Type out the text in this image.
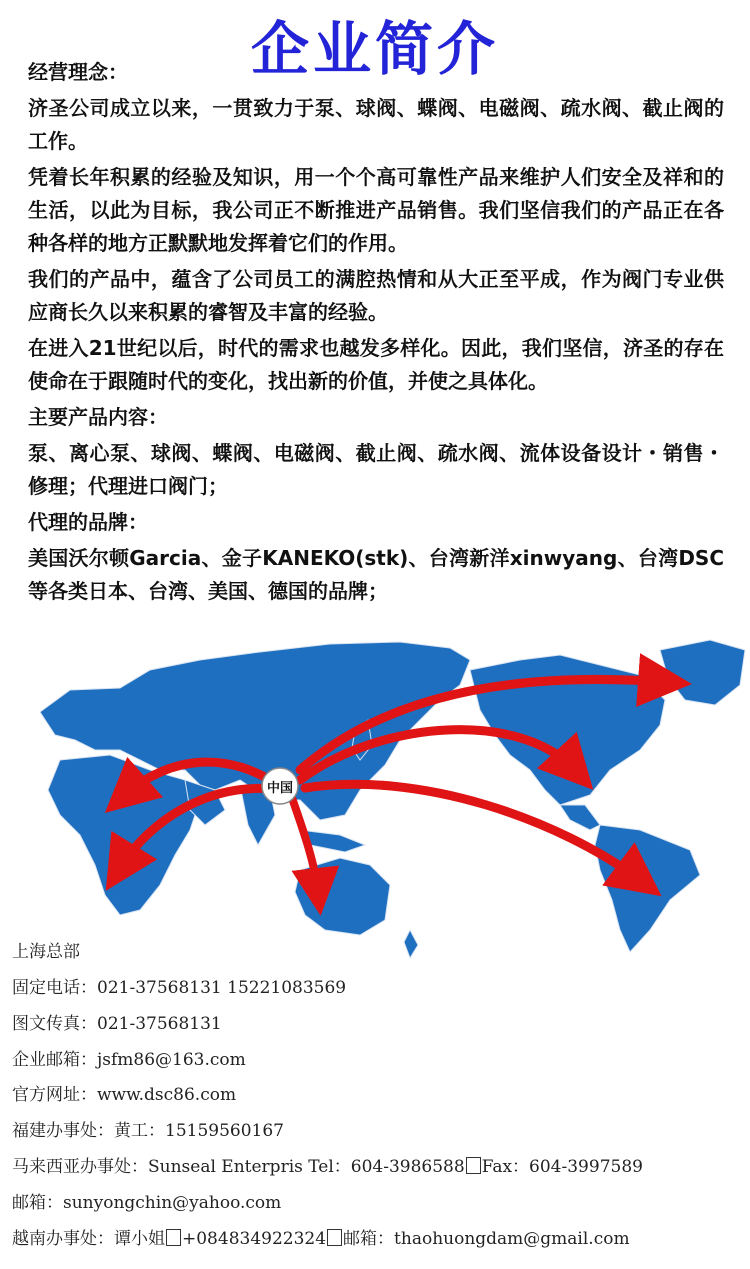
企业简介

经营理念：

济圣公司成立以来，一贯致力于泵、球阀、蝶阀、电磁阀、疏水阀、截止阀的工作。

凭着长年积累的经验及知识，用一个个高可靠性产品来维护人们安全及祥和的生活，以此为目标，我公司正不断推进产品销售。我们坚信我们的产品正在各种各样的地方正默默地发挥着它们的作用。

我们的产品中，蕴含了公司员工的满腔热情和从大正至平成，作为阀门专业供应商长久以来积累的睿智及丰富的经验。

在进入21世纪以后，时代的需求也越发多样化。因此，我们坚信，济圣的存在使命在于跟随时代的变化，找出新的价值，并使之具体化。

主要产品内容：

泵、离心泵、球阀、蝶阀、电磁阀、截止阀、疏水阀、流体设备设计・销售・修理；代理进口阀门；

代理的品牌：

美国沃尔顿Garcia、金子KANEKO(stk)、台湾新洋xinwyang、台湾DSC等各类日本、台湾、美国、德国的品牌；

中国
上海总部
固定电话：021-37568131 15221083569
图文传真：021-37568131
企业邮箱：jsfm86@163.com
官方网址：www.dsc86.com
福建办事处：黄工：15159560167
马来西亚办事处：Sunseal Enterpris Tel：604-3986588 Fax：604-3997589
邮箱：sunyongchin@yahoo.com
越南办事处：谭小姐 +084834922324 邮箱：thaohuongdam@gmail.com
